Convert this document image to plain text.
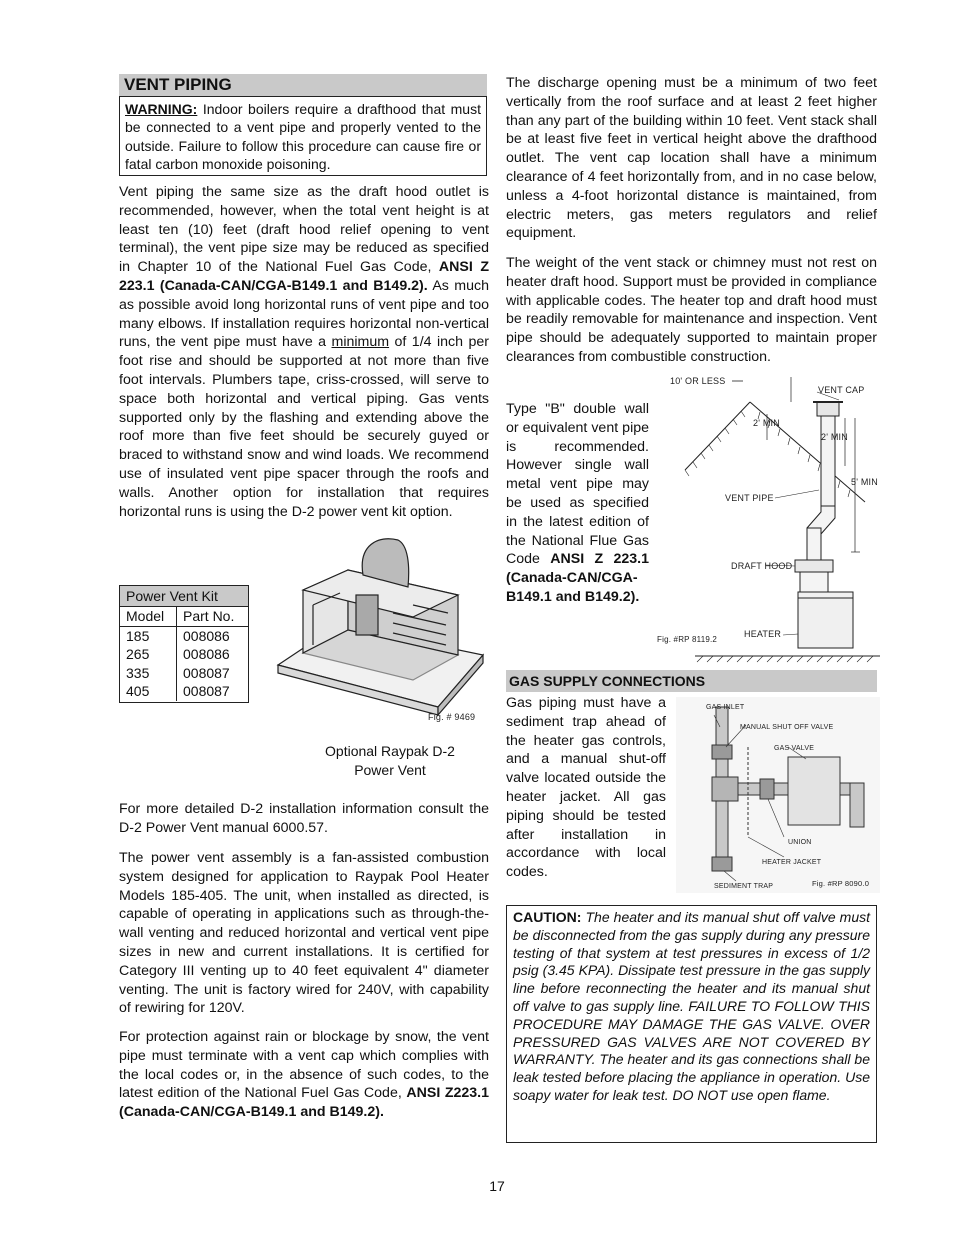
VENT PIPING

WARNING: Indoor boilers require a drafthood that must be connected to a vent pipe and properly vented to the outside. Failure to follow this procedure can cause fire or fatal carbon monoxide poisoning.

Vent piping the same size as the draft hood outlet is recommended, however, when the total vent height is at least ten (10) feet (draft hood relief opening to vent terminal), the vent pipe size may be reduced as specified in Chapter 10 of the National Fuel Gas Code, ANSI Z 223.1 (Canada-CAN/CGA-B149.1 and B149.2). As much as possible avoid long horizontal runs of vent pipe and too many elbows. If installation requires horizontal non-vertical runs, the vent pipe must have a minimum of 1/4 inch per foot rise and should be supported at not more than five foot intervals. Plumbers tape, criss-crossed, will serve to space both horizontal and vertical piping. Gas vents supported only by the flashing and extending above the roof more than five feet should be securely guyed or braced to withstand snow and wind loads. We recommend use of insulated vent pipe spacer through the roofs and walls. Another option for installation that requires horizontal runs is using the D-2 power vent kit option.

Power Vent Kit
Model	Part No.
185	008086
265	008086
335	008087
405	008087
Fig. # 9469
Optional Raypak D-2
Power Vent

For more detailed D-2 installation information consult the D-2 Power Vent manual 6000.57.

The power vent assembly is a fan-assisted combustion system designed for application to Raypak Pool Heater Models 185-405. The unit, when installed as directed, is capable of operating in applications such as through-the-wall venting and reduced horizontal and vertical vent pipe sizes in new and current installations. It is certified for Category III venting up to 40 feet equivalent 4" diameter venting. The unit is factory wired for 240V, with capability of rewiring for 120V.

For protection against rain or blockage by snow, the vent pipe must terminate with a vent cap which complies with the local codes or, in the absence of such codes, to the latest edition of the National Fuel Gas Code, ANSI Z223.1 (Canada-CAN/CGA-B149.1 and B149.2).

The discharge opening must be a minimum of two feet vertically from the roof surface and at least 2 feet higher than any part of the building within 10 feet. Vent stack shall be at least five feet in vertical height above the drafthood outlet. The vent cap location shall have a minimum clearance of 4 feet horizontally from, and in no case below, unless a 4-foot horizontal distance is maintained, from electric meters, gas meters regulators and relief equipment.

The weight of the vent stack or chimney must not rest on heater draft hood. Support must be provided in compliance with applicable codes. The heater top and draft hood must be readily removable for maintenance and inspection. Vent pipe should be adequately supported to maintain proper clearances from combustible construction.

Type "B" double wall or equivalent vent pipe is recommended. However single wall metal vent pipe may be used as specified in the latest edition of the National Flue Gas Code ANSI Z 223.1 (Canada-CAN/CGA-B149.1 and B149.2).

10' OR LESS
VENT CAP
2' MIN
2' MIN
5' MIN
VENT PIPE
DRAFT HOOD
HEATER
Fig. #RP 8119.2
GAS SUPPLY CONNECTIONS

Gas piping must have a sediment trap ahead of the heater gas controls, and a manual shut-off valve located outside the heater jacket. All gas piping should be tested after installation in accordance with local codes.

GAS INLET
MANUAL SHUT OFF VALVE
GAS VALVE
UNION
HEATER JACKET
SEDIMENT TRAP	Fig. #RP 8090.0

CAUTION: The heater and its manual shut off valve must be disconnected from the gas supply during any pressure testing of that system at test pressures in excess of 1/2 psig (3.45 KPA). Dissipate test pressure in the gas supply line before reconnecting the heater and its manual shut off valve to gas supply line. FAILURE TO FOLLOW THIS PROCEDURE MAY DAMAGE THE GAS VALVE. OVER PRESSURED GAS VALVES ARE NOT COVERED BY WARRANTY. The heater and its gas connections shall be leak tested before placing the appliance in operation. Use soapy water for leak test. DO NOT use open flame.

17
